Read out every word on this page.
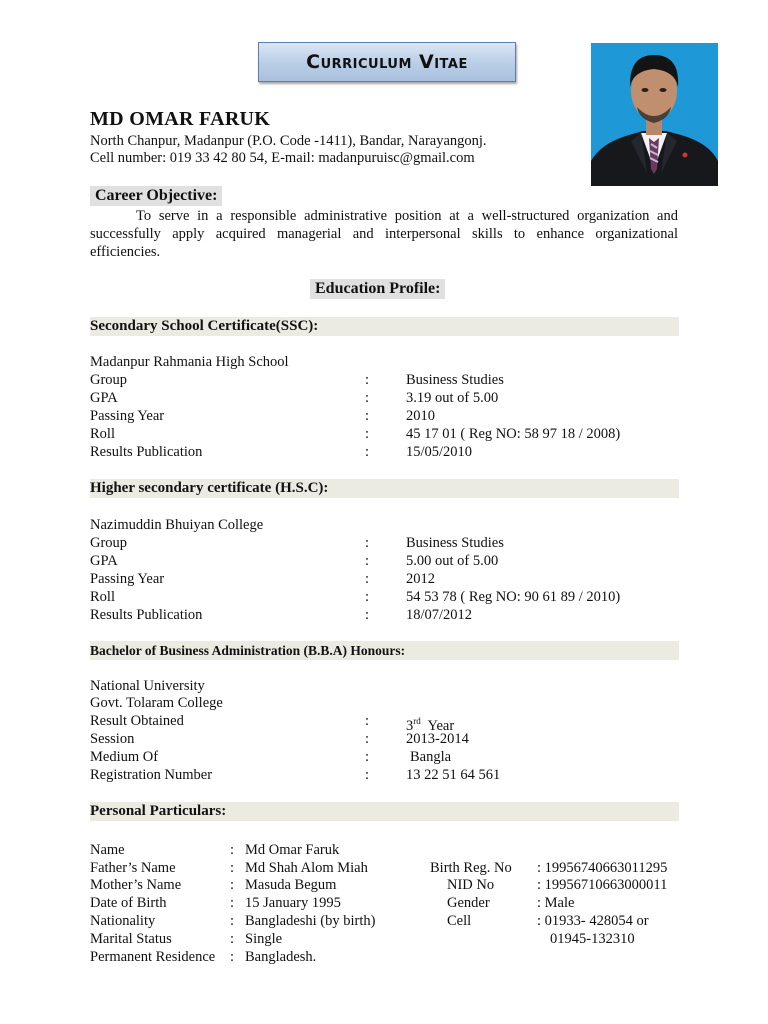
Curriculum Vitae
MD OMAR FARUK
North Chanpur, Madanpur (P.O. Code -1411), Bandar, Narayangonj.
Cell number: 019 33 42 80 54, E-mail: madanpuruisc@gmail.com
Career Objective:
To serve in a responsible administrative position at a well-structured organization and successfully apply acquired managerial and interpersonal skills to enhance organizational efficiencies.
Education Profile:
Secondary School Certificate(SSC):
Madanpur Rahmania High School
Group	:	Business Studies
GPA	:	3.19 out of 5.00
Passing Year	:	2010
Roll	:	45 17 01 ( Reg NO: 58 97 18 / 2008)
Results Publication	:	15/05/2010
Higher secondary certificate (H.S.C):
Nazimuddin Bhuiyan College
Group	:	Business Studies
GPA	:	5.00 out of 5.00
Passing Year	:	2012
Roll	:	54 53 78 ( Reg NO: 90 61 89 / 2010)
Results Publication	:	18/07/2012
Bachelor of Business Administration (B.B.A) Honours:
National University
Govt. Tolaram College
Result Obtained	:	3rd Year
Session	:	2013-2014
Medium Of	:	Bangla
Registration Number	:	13 22 51 64 561
Personal Particulars:
Name	: Md Omar Faruk
Father’s Name	: Md Shah Alom Miah	Birth Reg. No : 19956740663011295
Mother’s Name	: Masuda Begum	NID No	: 19956710663000011
Date of Birth	: 15 January 1995	Gender	: Male
Nationality	: Bangladeshi (by birth)	Cell	: 01933- 428054 or
Marital Status	: Single	01945-132310
Permanent Residence : Bangladesh.
